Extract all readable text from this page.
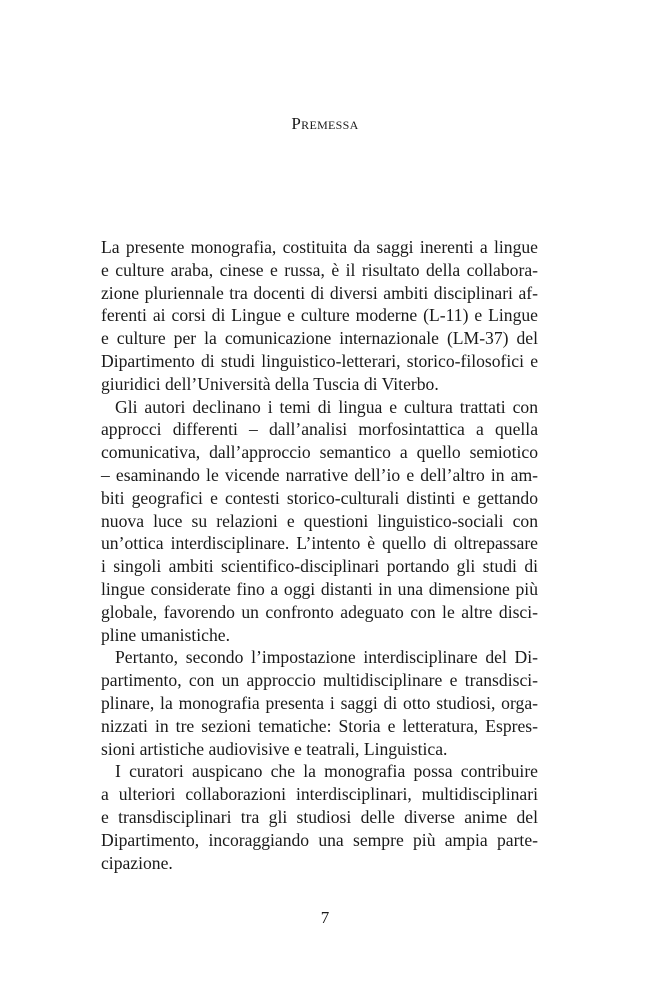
Premessa
La presente monografia, costituita da saggi inerenti a lingue
e culture araba, cinese e russa, è il risultato della collabora-
zione pluriennale tra docenti di diversi ambiti disciplinari af-
ferenti ai corsi di Lingue e culture moderne (L-11) e Lingue
e culture per la comunicazione internazionale (LM-37) del
Dipartimento di studi linguistico-letterari, storico-filosofici e
giuridici dell’Università della Tuscia di Viterbo.
Gli autori declinano i temi di lingua e cultura trattati con
approcci differenti – dall’analisi morfosintattica a quella
comunicativa, dall’approccio semantico a quello semiotico
– esaminando le vicende narrative dell’io e dell’altro in am-
biti geografici e contesti storico-culturali distinti e gettando
nuova luce su relazioni e questioni linguistico-sociali con
un’ottica interdisciplinare. L’intento è quello di oltrepassare
i singoli ambiti scientifico-disciplinari portando gli studi di
lingue considerate fino a oggi distanti in una dimensione più
globale, favorendo un confronto adeguato con le altre disci-
pline umanistiche.
Pertanto, secondo l’impostazione interdisciplinare del Di-
partimento, con un approccio multidisciplinare e transdisci-
plinare, la monografia presenta i saggi di otto studiosi, orga-
nizzati in tre sezioni tematiche: Storia e letteratura, Espres-
sioni artistiche audiovisive e teatrali, Linguistica.
I curatori auspicano che la monografia possa contribuire
a ulteriori collaborazioni interdisciplinari, multidisciplinari
e transdisciplinari tra gli studiosi delle diverse anime del
Dipartimento, incoraggiando una sempre più ampia parte-
cipazione.
7
